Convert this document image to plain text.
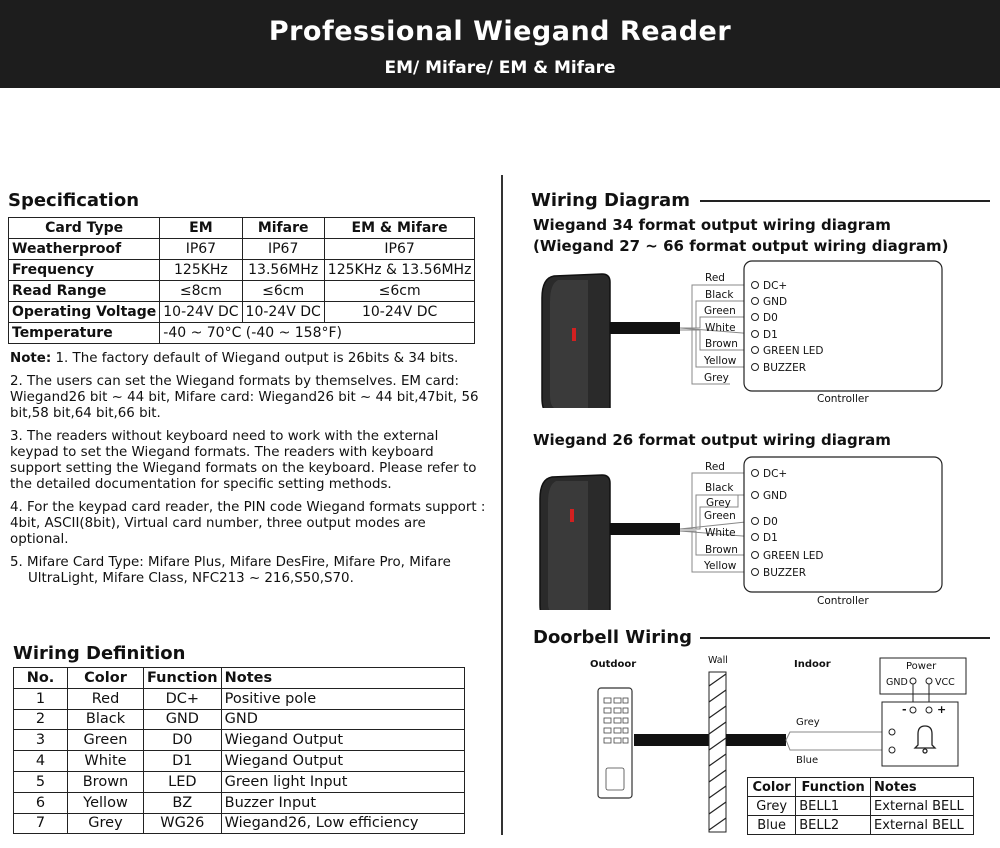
Professional Wiegand Reader
EM/ Mifare/ EM & Mifare
Specification
Card Type	EM	Mifare	EM & Mifare
Weatherproof	IP67	IP67	IP67
Frequency	125KHz	13.56MHz	125KHz & 13.56MHz
Read Range	≤8cm	≤6cm	≤6cm
Operating Voltage	10-24V DC	10-24V DC	10-24V DC
Temperature	-40 ~ 70°C (-40 ~ 158°F)		

Note: 1. The factory default of Wiegand output is 26bits & 34 bits.

2. The users can set the Wiegand formats by themselves. EM card: Wiegand26 bit ~ 44 bit, Mifare card: Wiegand26 bit ~ 44 bit,47bit, 56 bit,58 bit,64 bit,66 bit.

3. The readers without keyboard need to work with the external keypad to set the Wiegand formats. The readers with keyboard support setting the Wiegand formats on the keyboard. Please refer to the detailed documentation for specific setting methods.

4. For the keypad card reader, the PIN code Wiegand formats support : 4bit, ASCII(8bit), Virtual card number, three output modes are optional.

5. Mifare Card Type: Mifare Plus, Mifare DesFire, Mifare Pro, Mifare UltraLight, Mifare Class, NFC213 ~ 216,S50,S70.

Wiring Definition
No.	Color	Function	Notes
1	Red	DC+	Positive pole
2	Black	GND	GND
3	Green	D0	Wiegand Output
4	White	D1	Wiegand Output
5	Brown	LED	Green light Input
6	Yellow	BZ	Buzzer Input
7	Grey	WG26	Wiegand26, Low efficiency
Wiring Diagram
Wiegand 34 format output wiring diagram
(Wiegand 27 ~ 66 format output wiring diagram)
Red
Black
Green
White
Brown
Yellow
Grey
DC+
GND
D0
D1
GREEN LED
BUZZER
Controller
Wiegand 26 format output wiring diagram
Red
Black
Grey
Green
White
Brown
Yellow
DC+
GND
D0
D1
GREEN LED
BUZZER
Controller
Doorbell Wiring
Outdoor	Indoor
Wall
Grey
Blue
Power
GND	VCC
-	+
Color	Function	Notes
Grey	BELL1	External BELL
Blue	BELL2	External BELL
